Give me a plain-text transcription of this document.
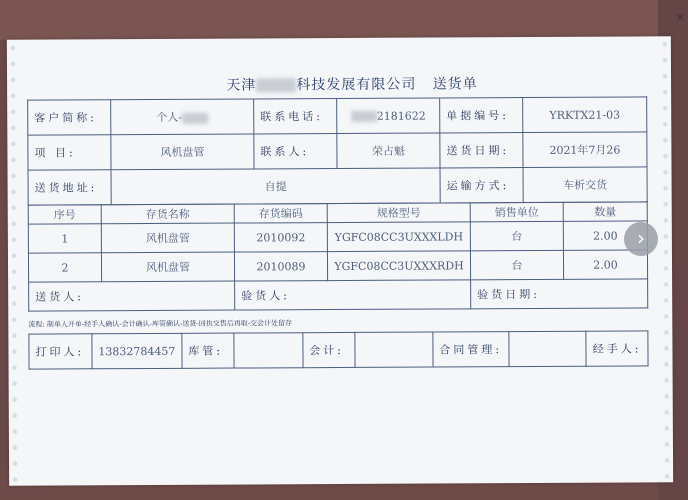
天津	科技发展有限公司 送货单
客户简称:	个人-	联系电话:	2181622	单据编号:	YRKTX21-03
项 目:	风机盘管	联系人:	荣占魁	送货日期:	2021年7月26
送货地址:	自提			运输方式:	车析交货
序号	存货名称	存货编码	规格型号	销售单位	数量
1	风机盘管	2010092	YGFC08CC3UXXXLDH	台	2.00
2	风机盘管	2010089	YGFC08CC3UXXXRDH	台	2.00
送货人:		验货人:		验货日期:	
流程: 制单人开单-经手人确认-会计确认-库管确认-送货-回执交售后再取-交会计处留存
打印人:	13832784457	库管:		会计:		合同管理:		经手人:
›
✕
